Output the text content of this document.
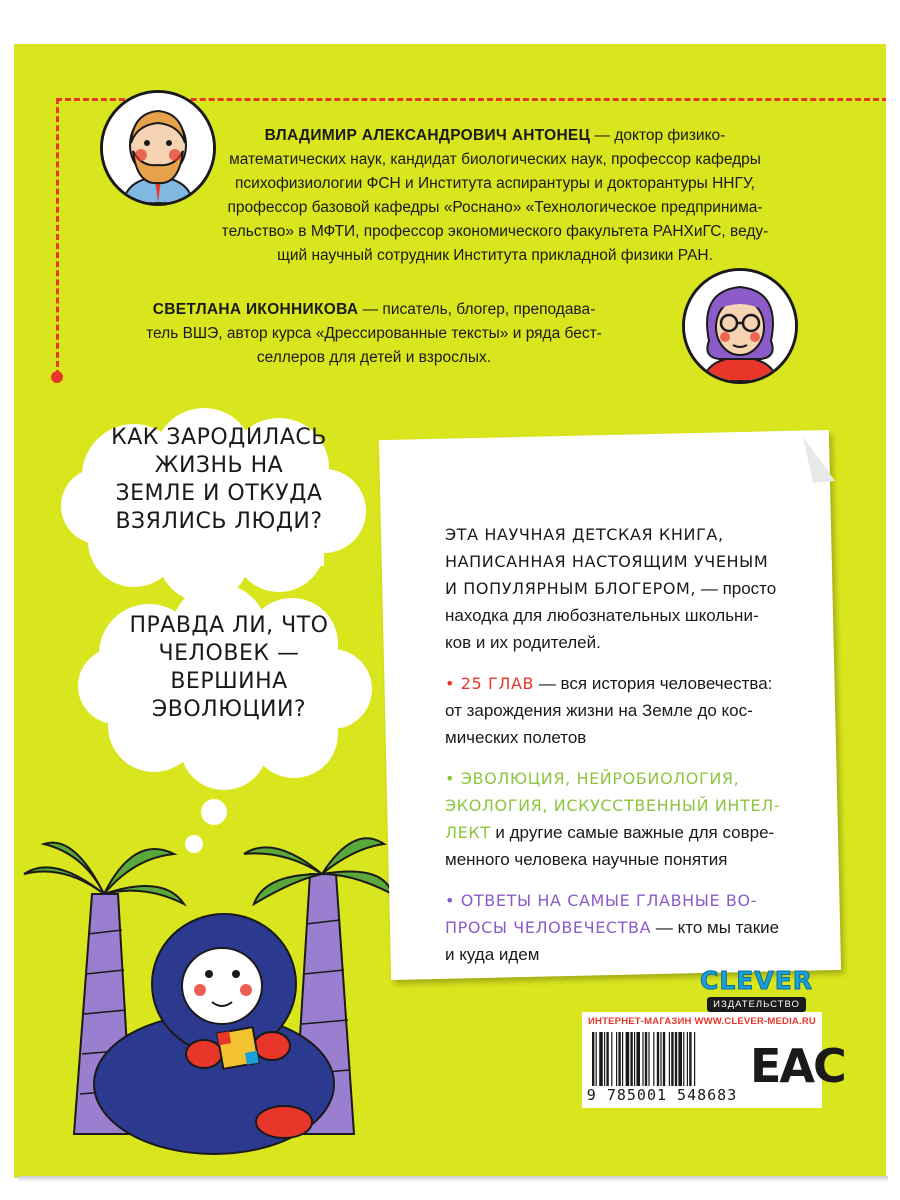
ВЛАДИМИР АЛЕКСАНДРОВИЧ АНТОНЕЦ — доктор физико-
математических наук, кандидат биологических наук, профессор кафедры
психофизиологии ФСН и Института аспирантуры и докторантуры ННГУ,
профессор базовой кафедры «Роснано» «Технологическое предпринима-
тельство» в МФТИ, профессор экономического факультета РАНХиГС, веду-
щий научный сотрудник Института прикладной физики РАН.
СВЕТЛАНА ИКОННИКОВА — писатель, блогер, преподава-
тель ВШЭ, автор курса «Дрессированные тексты» и ряда бест-
селлеров для детей и взрослых.
КАК ЗАРОДИЛАСЬ
ЖИЗНЬ НА
ЗЕМЛЕ И ОТКУДА
ВЗЯЛИСЬ ЛЮДИ?
ПРАВДА ЛИ, ЧТО
ЧЕЛОВЕК —
ВЕРШИНА
ЭВОЛЮЦИИ?

ЭТА НАУЧНАЯ ДЕТСКАЯ КНИГА,
НАПИСАННАЯ НАСТОЯЩИМ УЧЕНЫМ
И ПОПУЛЯРНЫМ БЛОГЕРОМ, — просто
находка для любознательных школьни-
ков и их родителей.

• 25 ГЛАВ — вся история человечества:
от зарождения жизни на Земле до кос-
мических полетов

• ЭВОЛЮЦИЯ, НЕЙРОБИОЛОГИЯ,
ЭКОЛОГИЯ, ИСКУССТВЕННЫЙ ИНТЕЛ-
ЛЕКТ и другие самые важные для совре-
менного человека научные понятия

• ОТВЕТЫ НА САМЫЕ ГЛАВНЫЕ ВО-
ПРОСЫ ЧЕЛОВЕЧЕСТВА — кто мы такие
и куда идем

CLEVER
ИЗДАТЕЛЬСТВО
ИНТЕРНЕТ-МАГАЗИН WWW.CLEVER-MEDIA.RU
9 785001 548683
EAC
